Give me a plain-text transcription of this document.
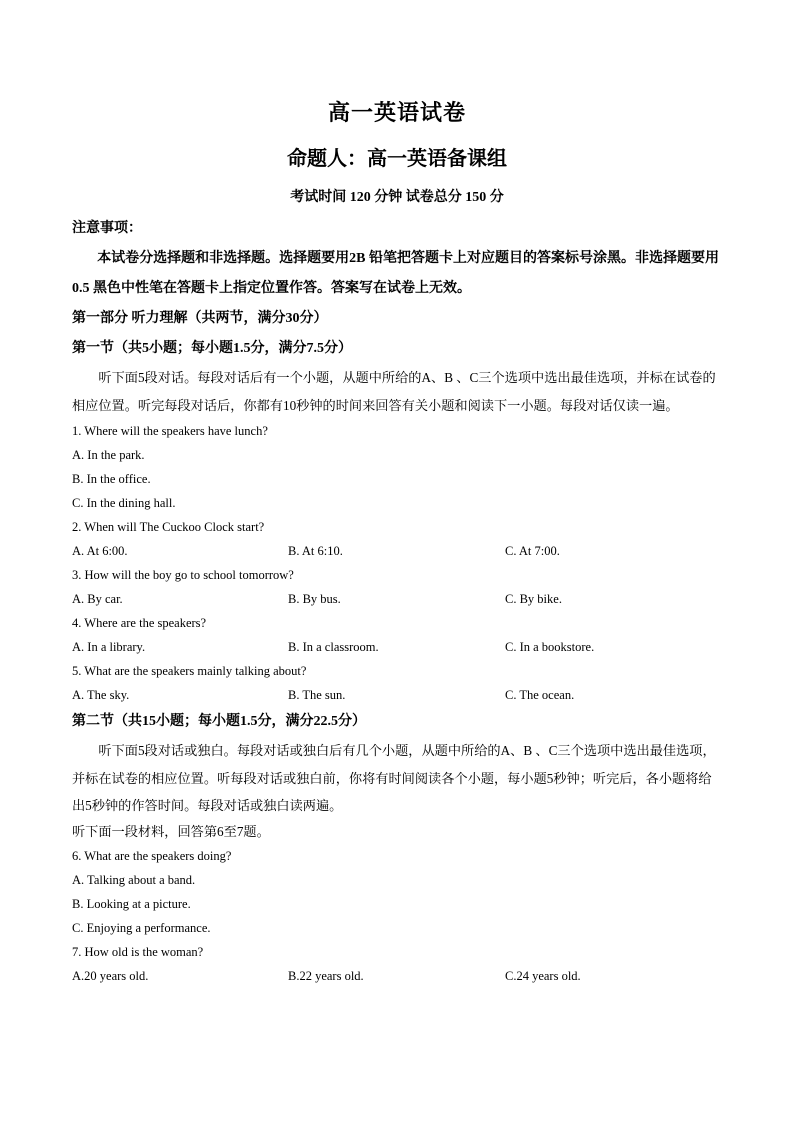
高一英语试卷
命题人：高一英语备课组
考试时间 120 分钟 试卷总分 150 分
注意事项：
本试卷分选择题和非选择题。选择题要用2B 铅笔把答题卡上对应题目的答案标号涂黑。非选择题要用0.5 黑色中性笔在答题卡上指定位置作答。答案写在试卷上无效。
第一部分 听力理解（共两节，满分30分）
第一节（共5小题；每小题1.5分，满分7.5分）
听下面5段对话。每段对话后有一个小题，从题中所给的A、B 、C三个选项中选出最佳选项，并标在试卷的相应位置。听完每段对话后，你都有10秒钟的时间来回答有关小题和阅读下一小题。每段对话仅读一遍。
1. Where will the speakers have lunch?
A. In the park.
B. In the office.
C. In the dining hall.
2. When will The Cuckoo Clock start?
A. At 6:00.	B. At 6:10.	C. At 7:00.
3. How will the boy go to school tomorrow?
A. By car.	B. By bus.	C. By bike.
4. Where are the speakers?
A. In a library.	B. In a classroom.	C. In a bookstore.
5. What are the speakers mainly talking about?
A. The sky.	B. The sun.	C. The ocean.
第二节（共15小题；每小题1.5分，满分22.5分）
听下面5段对话或独白。每段对话或独白后有几个小题，从题中所给的A、B 、C三个选项中选出最佳选项，并标在试卷的相应位置。听每段对话或独白前，你将有时间阅读各个小题，每小题5秒钟；听完后，各小题将给出5秒钟的作答时间。每段对话或独白读两遍。
听下面一段材料，回答第6至7题。
6. What are the speakers doing?
A. Talking about a band.
B. Looking at a picture.
C. Enjoying a performance.
7. How old is the woman?
A.20 years old.	B.22 years old.	C.24 years old.
